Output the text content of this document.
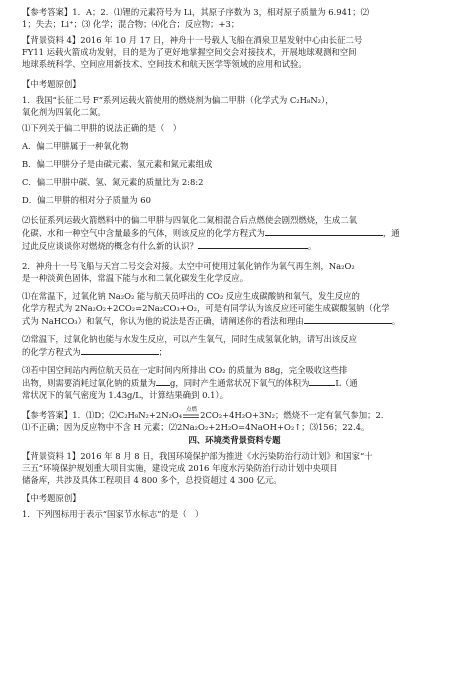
【参考答案】1．A；2．⑴锂的元素符号为 Li，其原子序数为 3，相对原子质量为 6.941；⑵
1；失去；Li⁺；⑶ 化学；混合物；⑷化合；反应物；+3；
【背景资料 4】2016 年 10 月 17 日，神舟十一号载人飞船在酒泉卫星发射中心由长征二号
FY11 运载火箭成功发射，目的是为了更好地掌握空间交会对接技术，开展地球观测和空间
地球系统科学、空间应用新技术、空间技术和航天医学等领域的应用和试验。
【中考题原创】
1．我国“长征二号 F”系列运载火箭使用的燃烧剂为偏二甲肼（化学式为 C₂H₈N₂），
氧化剂为四氧化二氮。
⑴下列关于偏二甲肼的说法正确的是（　）
A．偏二甲肼属于一种氧化物
B．偏二甲肼分子是由碳元素、氢元素和氮元素组成
C．偏二甲肼中碳、氢、氮元素的质量比为 2:8:2
D．偏二甲肼的相对分子质量为 60
⑵长征系列运载火箭燃料中的偏二甲肼与四氧化二氮相混合后点燃使会剧烈燃烧，生成二氧
化碳、水和一种空气中含量最多的气体，则该反应的化学方程式为	，通
过此反应谈谈你对燃烧的概念有什么新的认识？	。
2．神舟十一号飞船与天宫二号交会对接。太空中可使用过氧化钠作为氧气再生剂，Na₂O₂
是一种淡黄色固体，常温下能与水和二氧化碳发生化学反应。
⑴在常温下，过氧化钠 Na₂O₂ 能与航天员呼出的 CO₂ 反应生成碳酸钠和氧气，发生反应的
化学方程式为 2Na₂O₂+2CO₂=2Na₂CO₃+O₂，可是有同学认为该反应还可能生成碳酸氢钠（化学
式为 NaHCO₃）和氧气，你认为他的说法是否正确，请阐述你的看法和理由	。
⑵常温下，过氧化钠也能与水发生反应，可以产生氧气，同时生成氢氧化钠，请写出该反应
的化学方程式为	；
⑶若中国空间站内两位航天员在一定时间内所排出 CO₂ 的质量为 88g，完全吸收这些排
出物，则需要消耗过氧化钠的质量为 g，同时产生通常状况下氧气的体积为	L（通
常状况下的氧气密度为 1.43g/L，计算结果确到 0.1）。
【参考答案】1．⑴D；⑵C₂H₈N₂+2N₂O₄
点燃
2CO₂+4H₂O+3N₂；燃烧不一定有氧气参加；2．
⑴不正确；因为反应物中不含 H 元素；⑵2Na₂O₂+2H₂O=4NaOH+O₂↑；⑶156；22.4。
四、环境类背景资料专题
【背景资料 1】2016 年 8 月 8 日，我国环境保护部为推进《水污染防治行动计划》和国家“十
三五”环境保护规划重大项目实施，建设完成 2016 年度水污染防治行动计划中央项目
储备库，共涉及具体工程项目 4 800 多个，总投资超过 4 300 亿元。
【中考题原创】
1．下列图标用于表示“国家节水标志”的是（　）
